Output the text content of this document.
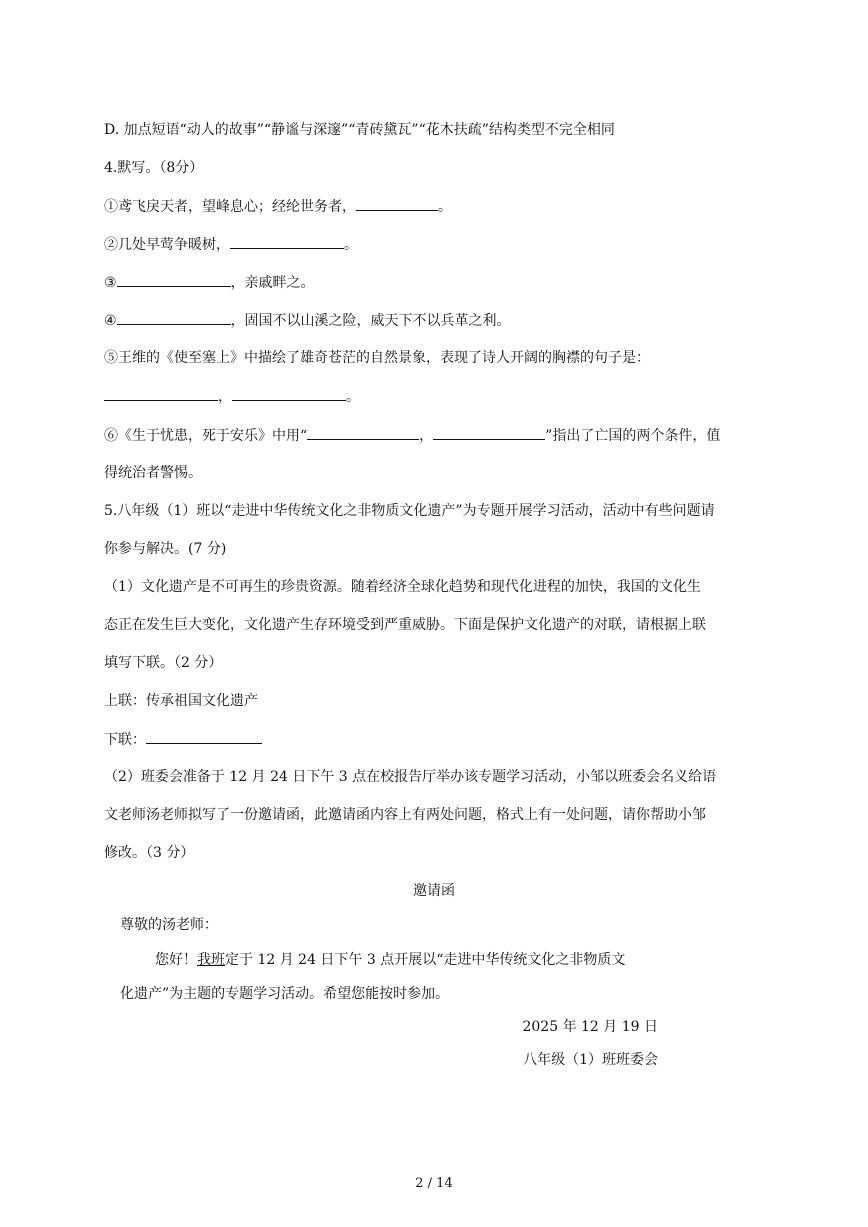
D. 加点短语“动人的故事”“静谧与深邃”“青砖黛瓦”“花木扶疏”结构类型不完全相同
4.默写。（8分）
①鸢飞戾天者，望峰息心；经纶世务者，	。
②几处早莺争暖树，	。
③	，亲戚畔之。
④	，固国不以山溪之险，威天下不以兵革之利。
⑤王维的《使至塞上》中描绘了雄奇苍茫的自然景象，表现了诗人开阔的胸襟的句子是：
，	。
⑥《生于忧患，死于安乐》中用“	，	”指出了亡国的两个条件，值
得统治者警惕。
5.八年级（1）班以“走进中华传统文化之非物质文化遗产”为专题开展学习活动，活动中有些问题请
你参与解决。(7 分)
（1）文化遗产是不可再生的珍贵资源。随着经济全球化趋势和现代化进程的加快，我国的文化生
态正在发生巨大变化，文化遗产生存环境受到严重威胁。下面是保护文化遗产的对联，请根据上联
填写下联。（2 分）
上联：传承祖国文化遗产
下联：
（2）班委会准备于 12 月 24 日下午 3 点在校报告厅举办该专题学习活动，小邹以班委会名义给语
文老师汤老师拟写了一份邀请函，此邀请函内容上有两处问题，格式上有一处问题，请你帮助小邹
修改。（3 分）
邀请函
尊敬的汤老师：
您好！我班定于 12 月 24 日下午 3 点开展以“走进中华传统文化之非物质文
化遗产”为主题的专题学习活动。希望您能按时参加。
2025 年 12 月 19 日
八年级（1）班班委会
2 / 14
